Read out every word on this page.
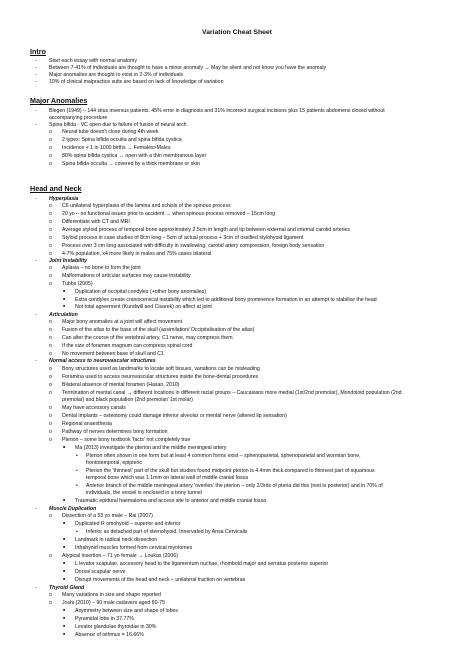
Variation Cheat Sheet
Intro
Major Anomalies
Head and Neck
- Start each essay with normal anatomy
- Between 7-41% of individuals are thought to have a minor anomaly → May be silent and not know you have the anomaly
- Major anomalies are thought to exist in 2-3% of individuals
- 10% of clinical malpractice suits are based on lack of knowledge of variation
- Blegen (1949) – 144 situs inversus patients. 45% error in diagnosis and 31% incorrect surgical incisions plus 15 patients abdomens closed without
accompanying procedure
- Spina bifida - VC open due to failure of fusion of neural arch
o Neural tube doesn't close during 4th week
o 2 types: Spina bifida occulta and spina bifida cystica
o Incidence + 1 in 1000 births → Females>Males
o 80% spina bifida cystica → open with a thin membranous layer
o Spina bifida occulta → covered by a thick membrane or skin
- Hyperplasia
o C6 unilateral hyperplasia of the lamina and schisis of the spinous process
o 20 yo – no functional issues prior to accident → when spinous process removed – 15cm long
o Differentiate with CT and MRI
o Average styloid process of temporal bone approximately 2.5cm in length and tip between external and internal carotid arteries
o Styloid process in case studies of 8cm long – 5cm of actual process + 3cm of ossified stylohyoid ligament
o Process over 3 cm long associated with difficulty in swallowing, carotid artery compression, foreign body sensation
o 4-7% population, x4 more likely in males and 75% cases bilateral
- Joint Instability
o Aplasia – no bone to form the joint
o Malformations of articular surfaces may cause instability
o Tubbs (2005)
■ Duplication of occipital condyles (+other bony anomalies)
■ Extra condyles create craniocervical instability which led to additional bony prominence formation in an attempt to stabilise the head
■ Not total agreement (Kundwill and Cisarek) on affect at joint
- Articulation
o Major bony anomalies at a joint will affect movement
o Fusion of the atlas to the base of the skull (assimilation/ Occipitalisation of the atlas)
o Can alter the course of the vertebral artery, C1 nerve, may compress them
o If the size of foramen magnum can compress spinal cord
o No movement between base of skull and C1
- Normal access to neurovascular structures
o Bony structures used as landmarks to locate soft tissues, variations can be misleading
o Foramina used to access neurovascular structures inside the bone-dental procedures
o Bilateral absence of mental foramen (Hasan, 2010)
o Termination of mental canal → different locations in different racial groups – Caucasians more medial (1st/2nd premolar), Mondoloid population (2nd
premolar) and black population (2nd premolar/ 1st molar)
o May have accessory canals
o Dental implants – osteotomy could damage inferior alveolar or mental nerve (altered lip sensation)
o Regional anaesthesia
o Pathway of nerves determines bony formation
o Pterion – some bony textbook 'facts' not completely true
■ Ma (2013) investigate the pterion and the middle meningeal artery
• Pterion often shown in one form but at least 4 common forms exist – sphenoparietal, sphenoparietal and wormian bone,
frontotemporal, epipteric
• Pterion the 'thinnest' part of the skull but studies found midpoint pterion is 4.4mm thick compared to thinnest part of squamous
temporal bone which was 1.1mm on lateral wall of middle cranial fossa
• Anterior branch of the middle meningeal artery 'overlies' the pterion – only 2/3rds of pteria did this (rest is posterior) and in 70% of
individuals, the vessel is enclosed in a bony tunnel
■ Traumatic epidural haematoma and access site to anterior and middle cranial fossa
- Muscle Duplication
o Dissection of a 53 yo male – Rai (2007)
■ Duplicated R omohyoid – superior and inferior
• Inferior as detached part of sternohyoid. Innervated by Ansa Cervicalis
■ Landmark in radical neck dissection
■ Infrahyoid muscles formed from cervical myotomes
o Atypical insertion – 71 yo female → Loukas (2006)
■ L levator scapulae, accessory head to the ligamentum nuchae, rhomboid major and serratus posterior superior
■ Dorsal scapular nerve
■ Disrupt movements of the head and neck – unilateral traction on vertebrae
- Thyroid Gland
o Many variations in size and shape reported
o Joshi (2010) – 90 male cadavers aged 60-75
■ Asymmetry between size and shape of lobes
■ Pyramidal lobe in 37.77%
■ Levator glandulae thyroidae in 30%
■ Absence of isthmus = 16.66%
